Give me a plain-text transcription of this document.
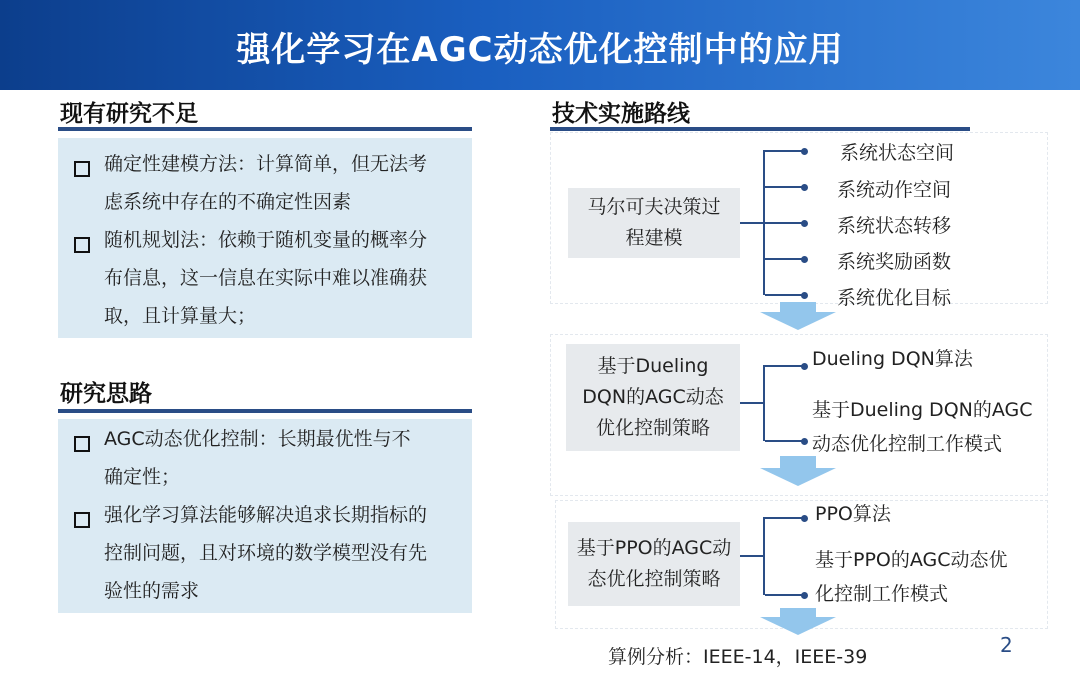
强化学习在AGC动态优化控制中的应用
现有研究不足
确定性建模方法：计算简单，但无法考
虑系统中存在的不确定性因素
随机规划法：依赖于随机变量的概率分
布信息，这一信息在实际中难以准确获
取，且计算量大；
研究思路
AGC动态优化控制：长期最优性与不
确定性；
强化学习算法能够解决追求长期指标的
控制问题，且对环境的数学模型没有先
验性的需求
技术实施路线
马尔可夫决策过
程建模
系统状态空间
系统动作空间
系统状态转移
系统奖励函数
系统优化目标
基于Dueling
DQN的AGC动态
优化控制策略
Dueling DQN算法
基于Dueling DQN的AGC
动态优化控制工作模式
基于PPO的AGC动
态优化控制策略
PPO算法
基于PPO的AGC动态优
化控制工作模式
算例分析：IEEE-14，IEEE-39	2
